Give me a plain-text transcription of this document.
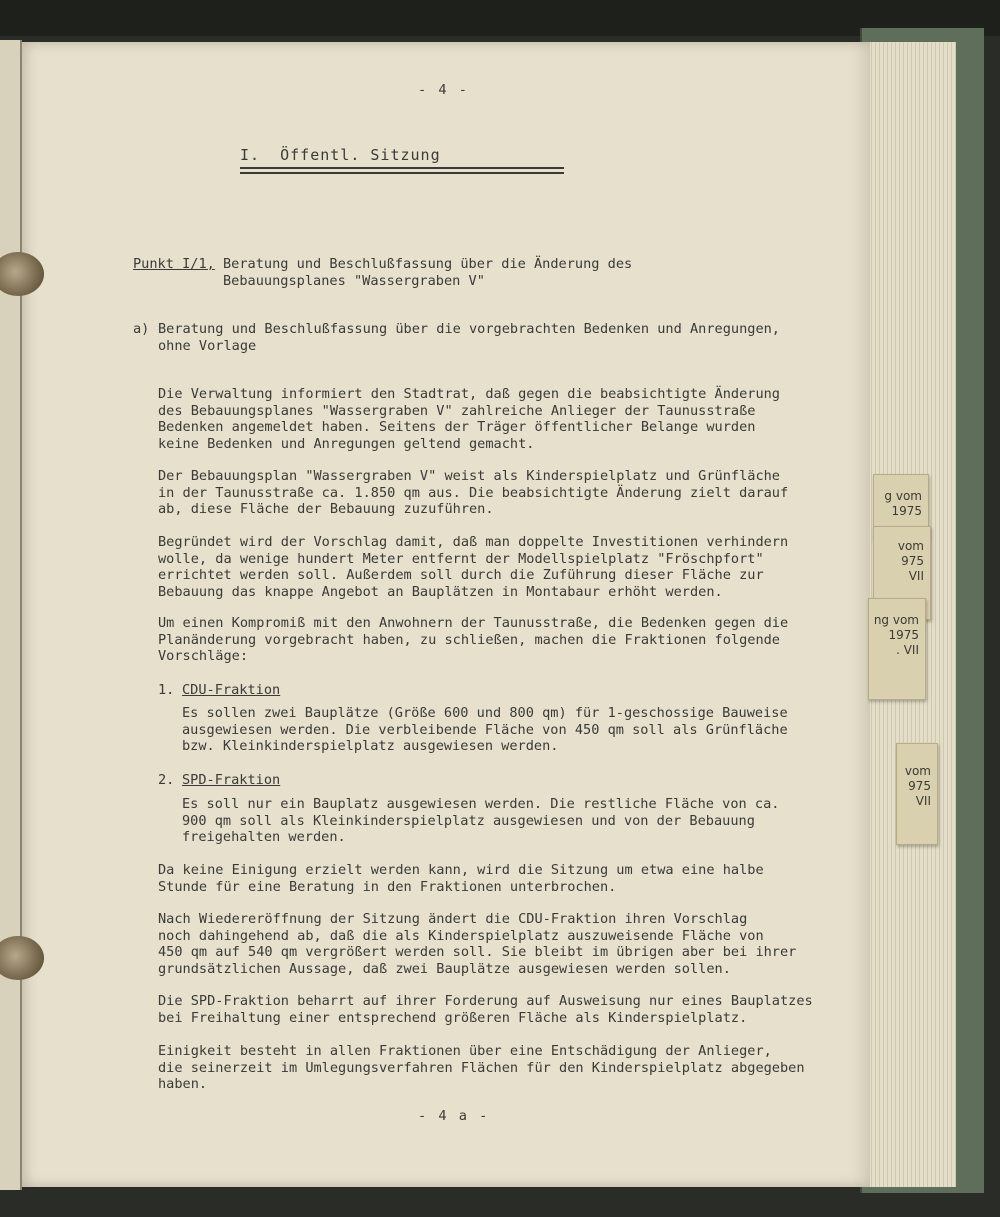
- 4 -

I.  Öffentl. Sitzung

Punkt I/1, Beratung und Beschlußfassung über die Änderung des
Bebauungsplanes "Wassergraben V"

a) Beratung und Beschlußfassung über die vorgebrachten Bedenken und Anregungen,
ohne Vorlage

Die Verwaltung informiert den Stadtrat, daß gegen die beabsichtigte Änderung
des Bebauungsplanes "Wassergraben V" zahlreiche Anlieger der Taunusstraße
Bedenken angemeldet haben. Seitens der Träger öffentlicher Belange wurden
keine Bedenken und Anregungen geltend gemacht.

Der Bebauungsplan "Wassergraben V" weist als Kinderspielplatz und Grünfläche
in der Taunusstraße ca. 1.850 qm aus. Die beabsichtigte Änderung zielt darauf
ab, diese Fläche der Bebauung zuzuführen.

Begründet wird der Vorschlag damit, daß man doppelte Investitionen verhindern
wolle, da wenige hundert Meter entfernt der Modellspielplatz "Fröschpfort"
errichtet werden soll. Außerdem soll durch die Zuführung dieser Fläche zur
Bebauung das knappe Angebot an Bauplätzen in Montabaur erhöht werden.

Um einen Kompromiß mit den Anwohnern der Taunusstraße, die Bedenken gegen die
Planänderung vorgebracht haben, zu schließen, machen die Fraktionen folgende
Vorschläge:

1. CDU-Fraktion

Es sollen zwei Bauplätze (Größe 600 und 800 qm) für 1-geschossige Bauweise
ausgewiesen werden. Die verbleibende Fläche von 450 qm soll als Grünfläche
bzw. Kleinkinderspielplatz ausgewiesen werden.

2. SPD-Fraktion

Es soll nur ein Bauplatz ausgewiesen werden. Die restliche Fläche von ca.
900 qm soll als Kleinkinderspielplatz ausgewiesen und von der Bebauung
freigehalten werden.

Da keine Einigung erzielt werden kann, wird die Sitzung um etwa eine halbe
Stunde für eine Beratung in den Fraktionen unterbrochen.

Nach Wiedereröffnung der Sitzung ändert die CDU-Fraktion ihren Vorschlag
noch dahingehend ab, daß die als Kinderspielplatz auszuweisende Fläche von
450 qm auf 540 qm vergrößert werden soll. Sie bleibt im übrigen aber bei ihrer
grundsätzlichen Aussage, daß zwei Bauplätze ausgewiesen werden sollen.

Die SPD-Fraktion beharrt auf ihrer Forderung auf Ausweisung nur eines Bauplatzes
bei Freihaltung einer entsprechend größeren Fläche als Kinderspielplatz.

Einigkeit besteht in allen Fraktionen über eine Entschädigung der Anlieger,
die seinerzeit im Umlegungsverfahren Flächen für den Kinderspielplatz abgegeben
haben.

- 4 a -

g vom
1975
vom
975
VII
ng vom
1975
. VII
vom
975
VII
